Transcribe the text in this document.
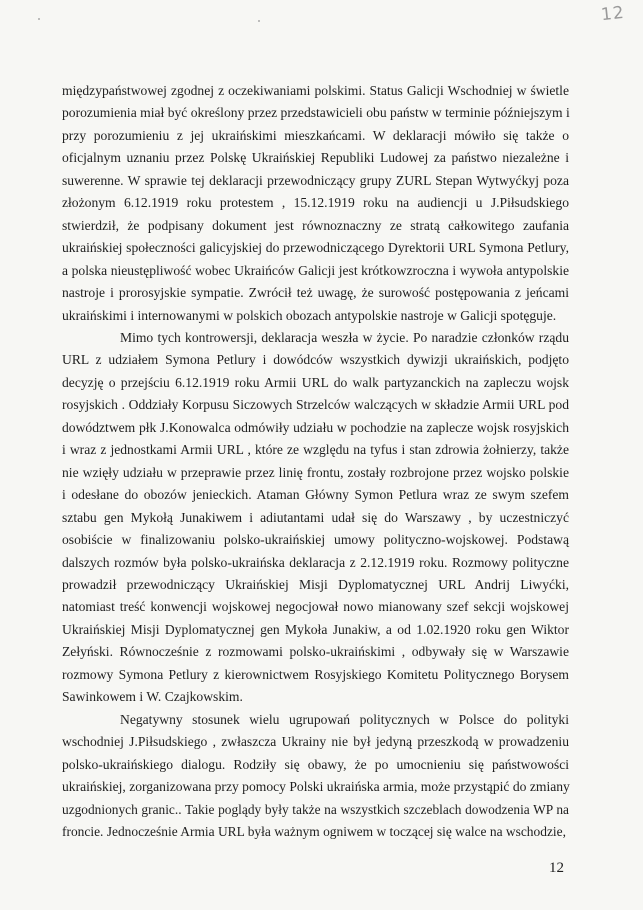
12
międzypaństwowej zgodnej z oczekiwaniami polskimi. Status Galicji Wschodniej w świetle
porozumienia miał być określony przez przedstawicieli obu państw w terminie późniejszym i
przy porozumieniu z jej ukraińskimi mieszkańcami. W deklaracji mówiło się także o
oficjalnym uznaniu przez Polskę Ukraińskiej Republiki Ludowej za państwo niezależne i
suwerenne. W sprawie tej deklaracji przewodniczący grupy ZURL Stepan Wytwyćkyj poza
złożonym 6.12.1919 roku protestem , 15.12.1919 roku na audiencji u J.Piłsudskiego
stwierdził, że podpisany dokument jest równoznaczny ze stratą całkowitego zaufania
ukraińskiej społeczności galicyjskiej do przewodniczącego Dyrektorii URL Symona Petlury,
a polska nieustępliwość wobec Ukraińców Galicji jest krótkowzroczna i wywoła antypolskie
nastroje i prorosyjskie sympatie. Zwrócił też uwagę, że surowość postępowania z jeńcami
ukraińskimi i internowanymi w polskich obozach antypolskie nastroje w Galicji spotęguje.
Mimo tych kontrowersji, deklaracja weszła w życie. Po naradzie członków rządu
URL z udziałem Symona Petlury i dowódców wszystkich dywizji ukraińskich, podjęto
decyzję o przejściu 6.12.1919 roku Armii URL do walk partyzanckich na zapleczu wojsk
rosyjskich . Oddziały Korpusu Siczowych Strzelców walczących w składzie Armii URL pod
dowództwem płk J.Konowalca odmówiły udziału w pochodzie na zaplecze wojsk rosyjskich
i wraz z jednostkami Armii URL , które ze względu na tyfus i stan zdrowia żołnierzy, także
nie wzięły udziału w przeprawie przez linię frontu, zostały rozbrojone przez wojsko polskie
i odesłane do obozów jenieckich. Ataman Główny Symon Petlura wraz ze swym szefem
sztabu gen Mykołą Junakiwem i adiutantami udał się do Warszawy , by uczestniczyć
osobiście w finalizowaniu polsko-ukraińskiej umowy polityczno-wojskowej. Podstawą
dalszych rozmów była polsko-ukraińska deklaracja z 2.12.1919 roku. Rozmowy polityczne
prowadził przewodniczący Ukraińskiej Misji Dyplomatycznej URL Andrij Liwyćki,
natomiast treść konwencji wojskowej negocjował nowo mianowany szef sekcji wojskowej
Ukraińskiej Misji Dyplomatycznej gen Mykoła Junakiw, a od 1.02.1920 roku gen Wiktor
Zełyński. Równocześnie z rozmowami polsko-ukraińskimi , odbywały się w Warszawie
rozmowy Symona Petlury z kierownictwem Rosyjskiego Komitetu Politycznego Borysem
Sawinkowem i W. Czajkowskim.
Negatywny stosunek wielu ugrupowań politycznych w Polsce do polityki
wschodniej J.Piłsudskiego , zwłaszcza Ukrainy nie był jedyną przeszkodą w prowadzeniu
polsko-ukraińskiego dialogu. Rodziły się obawy, że po umocnieniu się państwowości
ukraińskiej, zorganizowana przy pomocy Polski ukraińska armia, może przystąpić do zmiany
uzgodnionych granic.. Takie poglądy były także na wszystkich szczeblach dowodzenia WP na
froncie. Jednocześnie Armia URL była ważnym ogniwem w toczącej się walce na wschodzie,
12
